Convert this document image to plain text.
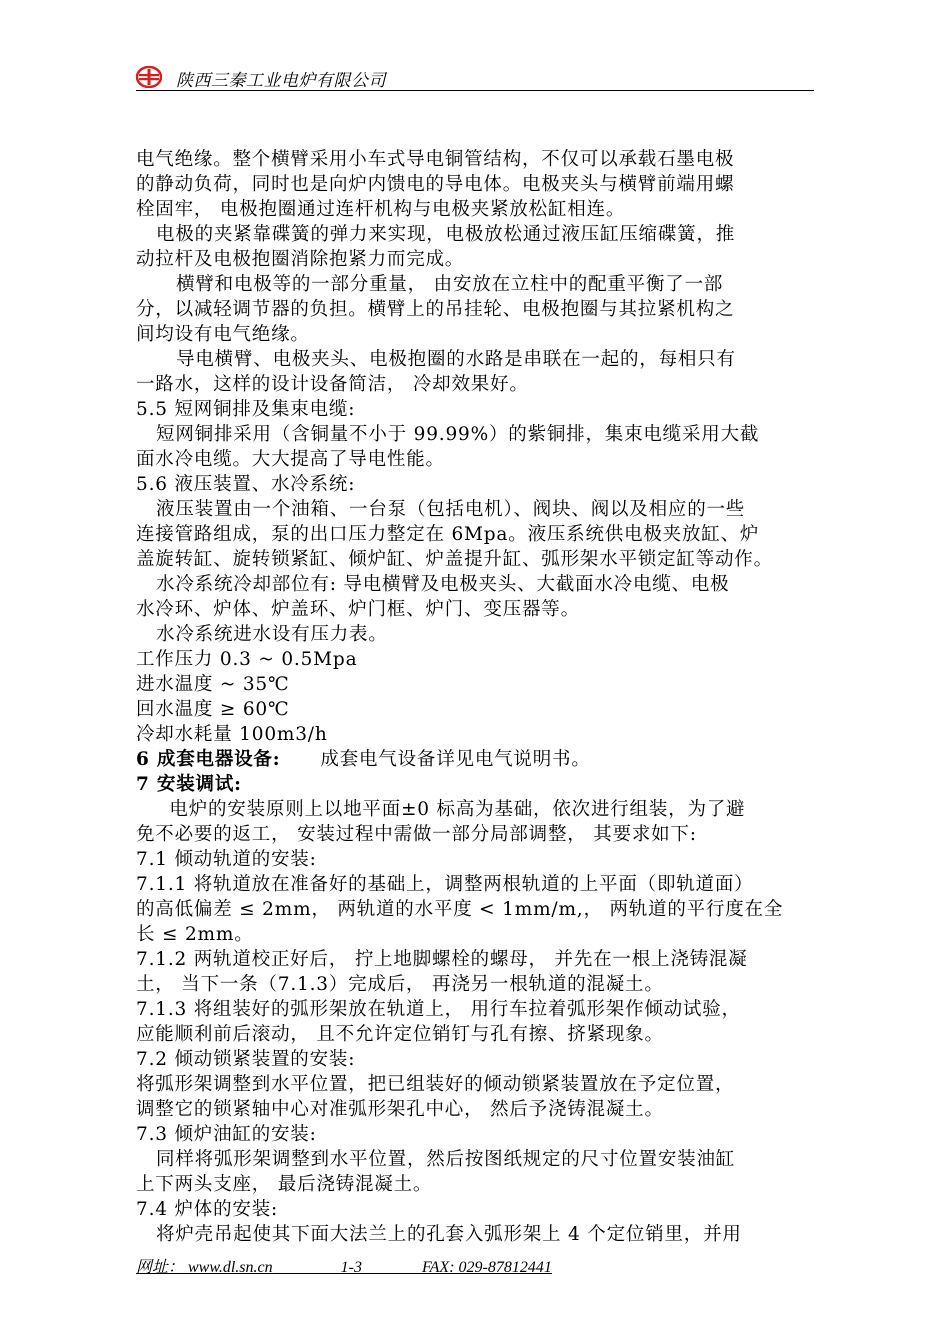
陕西三秦工业电炉有限公司

电气绝缘。整个横臂采用小车式导电铜管结构，不仅可以承载石墨电极

的静动负荷，同时也是向炉内馈电的导电体。电极夹头与横臂前端用螺

栓固牢， 电极抱圈通过连杆机构与电极夹紧放松缸相连。

电极的夹紧靠碟簧的弹力来实现，电极放松通过液压缸压缩碟簧，推

动拉杆及电极抱圈消除抱紧力而完成。

横臂和电极等的一部分重量， 由安放在立柱中的配重平衡了一部

分，以减轻调节器的负担。横臂上的吊挂轮、电极抱圈与其拉紧机构之

间均设有电气绝缘。

导电横臂、电极夹头、电极抱圈的水路是串联在一起的，每相只有

一路水，这样的设计设备简洁， 冷却效果好。

5.5 短网铜排及集束电缆:

短网铜排采用（含铜量不小于 99.99%）的紫铜排，集束电缆采用大截

面水冷电缆。大大提高了导电性能。

5.6 液压装置、水冷系统:

液压装置由一个油箱、一台泵（包括电机）、阀块、阀以及相应的一些

连接管路组成，泵的出口压力整定在 6Mpa。液压系统供电极夹放缸、炉

盖旋转缸、旋转锁紧缸、倾炉缸、炉盖提升缸、弧形架水平锁定缸等动作。

水冷系统冷却部位有: 导电横臂及电极夹头、大截面水冷电缆、电极

水冷环、炉体、炉盖环、炉门框、炉门、变压器等。

水冷系统进水设有压力表。

工作压力 0.3 ~ 0.5Mpa

进水温度 ~ 35℃

回水温度 ≥ 60℃

冷却水耗量 100m3/h

6 成套电器设备:      成套电气设备详见电气说明书。

7 安装调试:

电炉的安装原则上以地平面±0 标高为基础，依次进行组装，为了避

免不必要的返工， 安装过程中需做一部分局部调整， 其要求如下:

7.1 倾动轨道的安装:

7.1.1 将轨道放在准备好的基础上，调整两根轨道的上平面（即轨道面）

的高低偏差 ≤ 2mm， 两轨道的水平度 < 1mm/m,， 两轨道的平行度在全

长 ≤ 2mm。

7.1.2 两轨道校正好后， 拧上地脚螺栓的螺母， 并先在一根上浇铸混凝

土， 当下一条（7.1.3）完成后， 再浇另一根轨道的混凝土。

7.1.3 将组装好的弧形架放在轨道上， 用行车拉着弧形架作倾动试验，

应能顺利前后滚动， 且不允许定位销钉与孔有擦、挤紧现象。

7.2 倾动锁紧装置的安装:

将弧形架调整到水平位置，把已组装好的倾动锁紧装置放在予定位置，

调整它的锁紧轴中心对准弧形架孔中心， 然后予浇铸混凝土。

7.3 倾炉油缸的安装:

同样将弧形架调整到水平位置，然后按图纸规定的尺寸位置安装油缸

上下两头支座， 最后浇铸混凝土。

7.4 炉体的安装:

将炉壳吊起使其下面大法兰上的孔套入弧形架上 4 个定位销里，并用

网址： www.dl.sn.cn	1-3	FAX: 029-87812441
